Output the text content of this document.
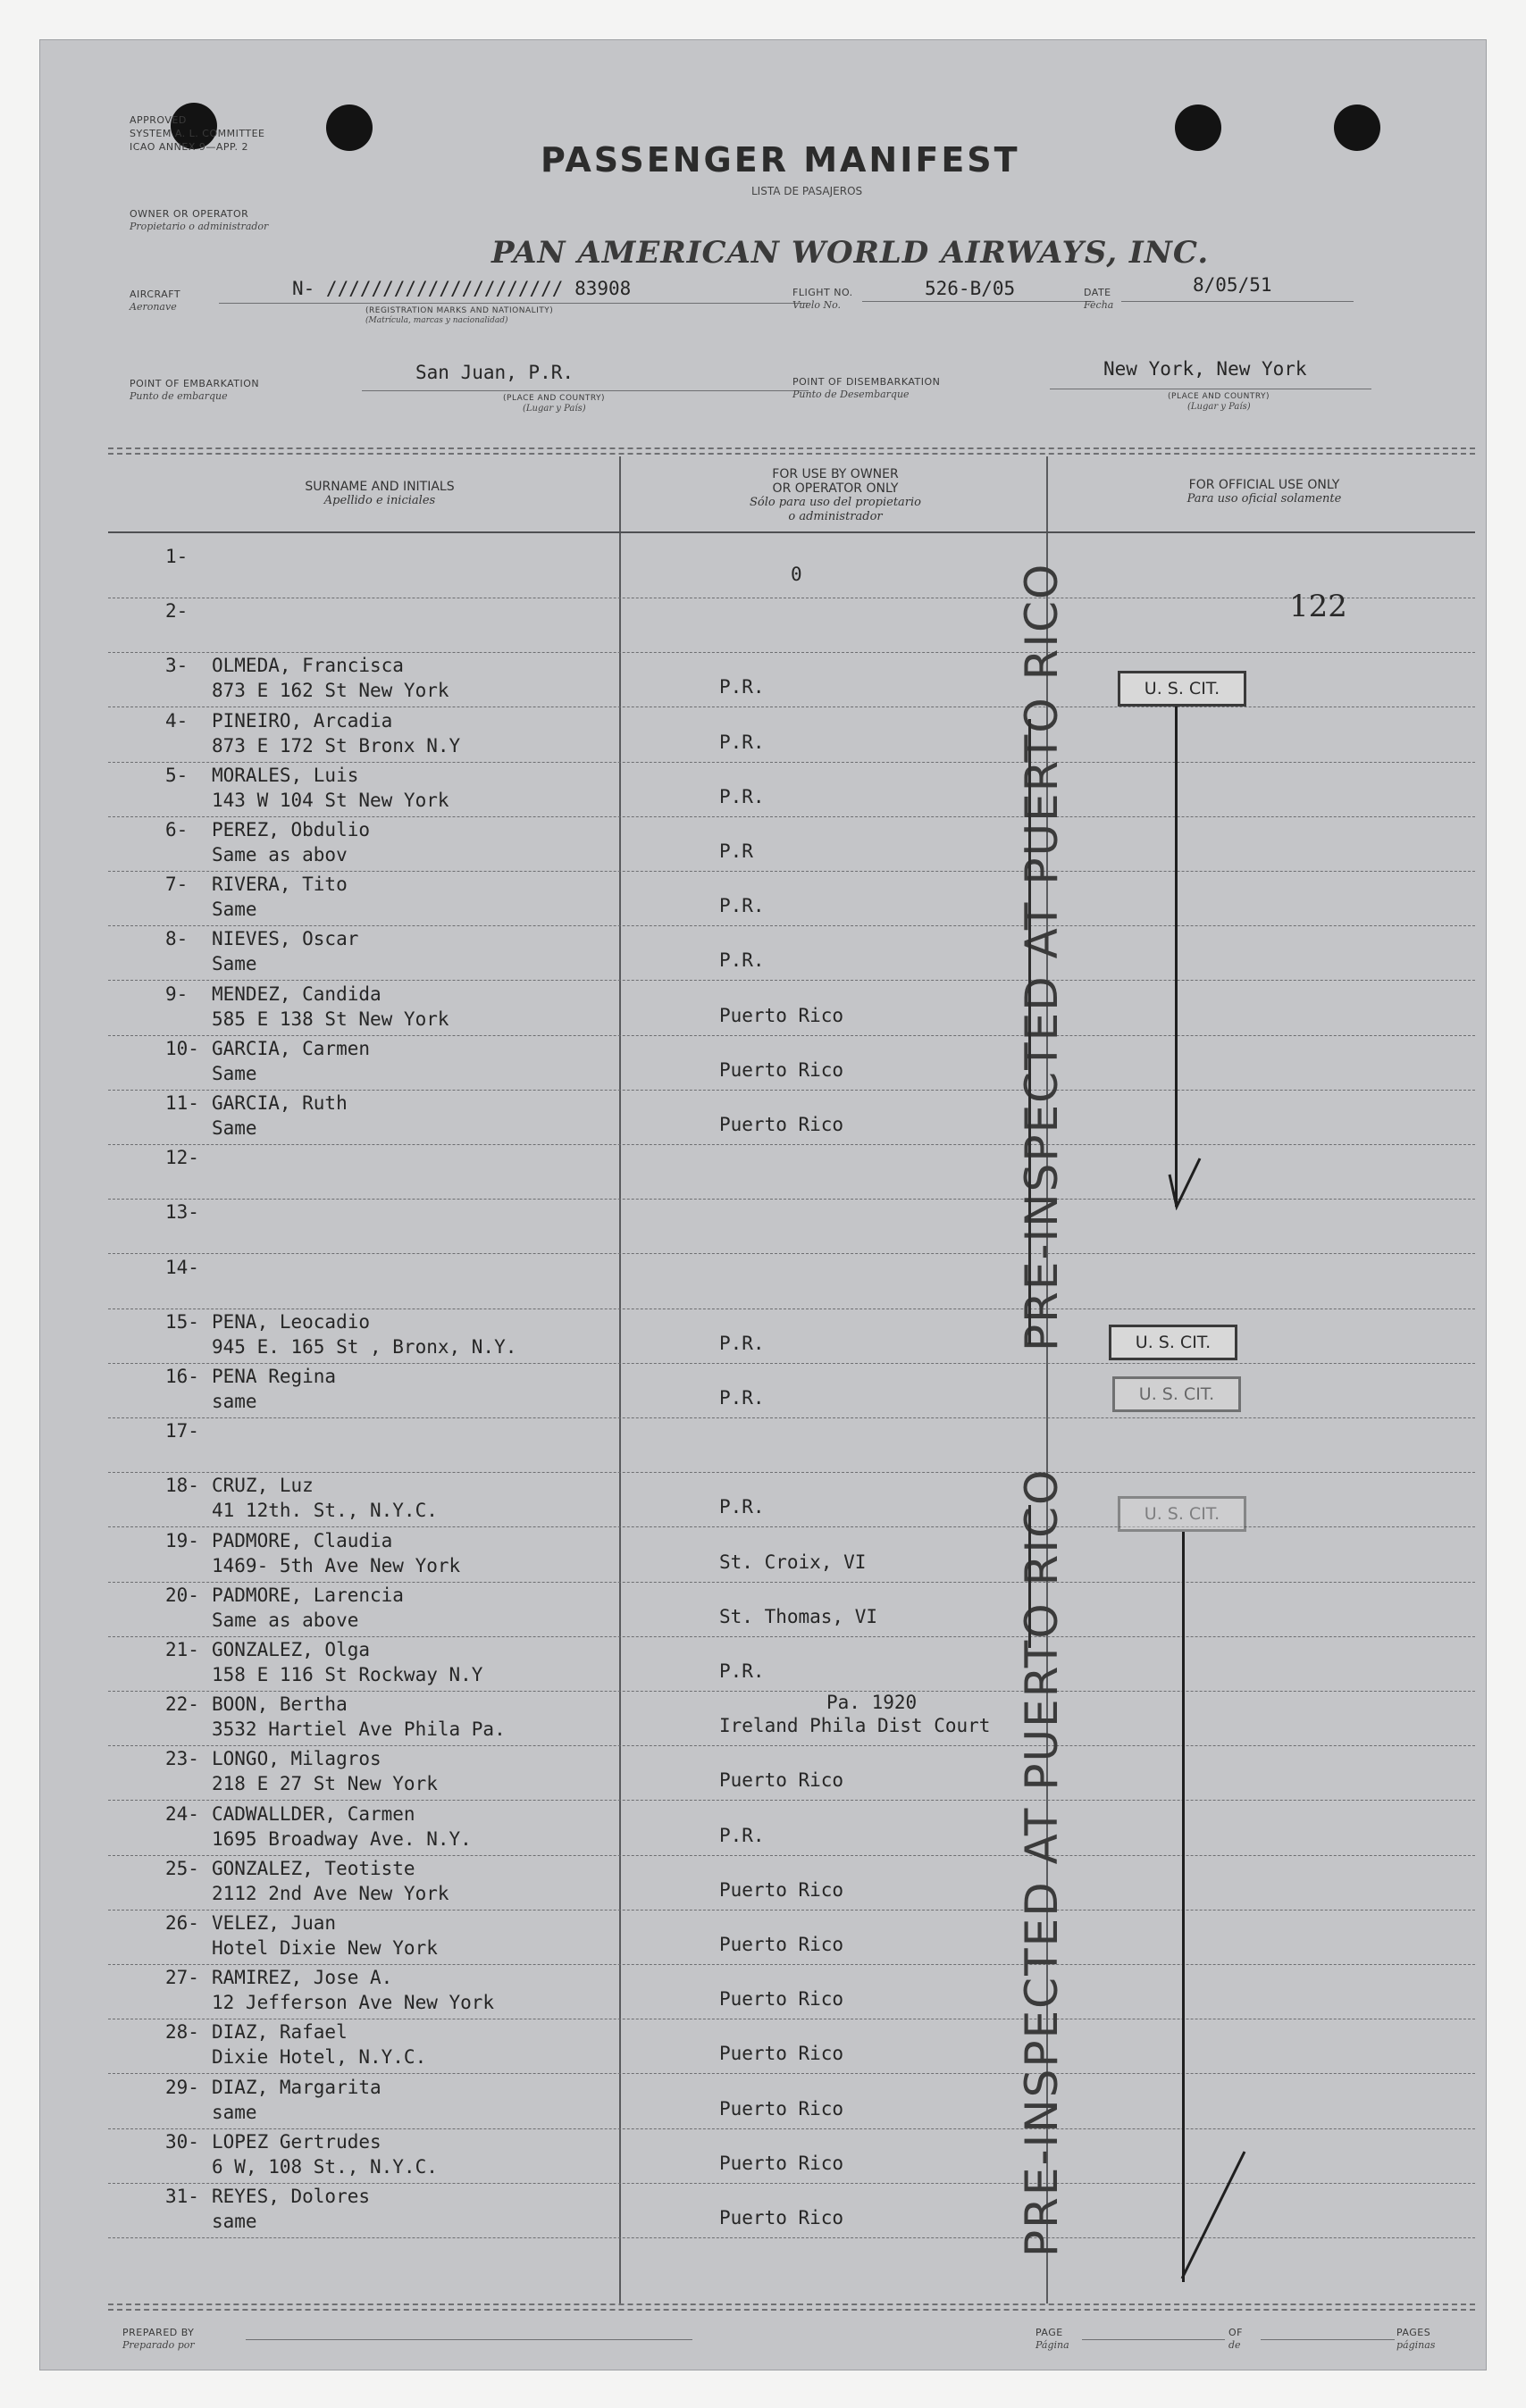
APPROVED
SYSTEM A. L. COMMITTEE
ICAO ANNEX 9—APP. 2	PASSENGER MANIFEST
LISTA DE PASAJEROS
OWNER OR OPERATOR
Propietario o administrador
PAN AMERICAN WORLD AIRWAYS, INC.
AIRCRAFT
Aeronave
N- ///////////////////// 83908
(REGISTRATION MARKS AND NATIONALITY)
(Matrícula, marcas y nacionalidad)
FLIGHT NO.
Vuelo No.
526-B/05	DATE
Fecha
8/05/51
POINT OF EMBARKATION
Punto de embarque
San Juan, P.R.
(PLACE AND COUNTRY)
(Lugar y País)
POINT OF DISEMBARKATION
Punto de Desembarque
New York, New York
(PLACE AND COUNTRY)
(Lugar y País)
SURNAME AND INITIALS
Apellido e iniciales
FOR USE BY OWNER
OR OPERATOR ONLY
Sólo para uso del propietario
o administrador
FOR OFFICIAL USE ONLY
Para uso oficial solamente
1-
2-
3- OLMEDA, Francisca
873 E 162 St New York	P.R.
4- PINEIRO, Arcadia
873 E 172 St Bronx N.Y	P.R.
5- MORALES, Luis
143 W 104 St New York	P.R.
6- PEREZ, Obdulio
Same as abov	P.R
7- RIVERA, Tito
Same	P.R.
8- NIEVES, Oscar
Same	P.R.
9- MENDEZ, Candida
585 E 138 St New York	Puerto Rico
10- GARCIA, Carmen
Same	Puerto Rico
11- GARCIA, Ruth
Same	Puerto Rico
12-
13-
14-
15- PENA, Leocadio
945 E. 165 St , Bronx, N.Y.	P.R.
16- PENA Regina
same	P.R.
17-
18- CRUZ, Luz
41 12th. St., N.Y.C.	P.R.
19- PADMORE, Claudia
1469- 5th Ave New York	St. Croix, VI
20- PADMORE, Larencia
Same as above	St. Thomas, VI
21- GONZALEZ, Olga
158 E 116 St Rockway N.Y	P.R.
22- BOON, Bertha
3532 Hartiel Ave Phila Pa.	Ireland Phila Dist Court
Pa. 1920
23- LONGO, Milagros
218 E 27 St New York	Puerto Rico
24- CADWALLDER, Carmen
1695 Broadway Ave. N.Y.	P.R.
25- GONZALEZ, Teotiste
2112 2nd Ave New York	Puerto Rico
26- VELEZ, Juan
Hotel Dixie New York	Puerto Rico
27- RAMIREZ, Jose A.
12 Jefferson Ave New York	Puerto Rico
28- DIAZ, Rafael
Dixie Hotel, N.Y.C.	Puerto Rico
29- DIAZ, Margarita
same	Puerto Rico
30- LOPEZ Gertrudes
6 W, 108 St., N.Y.C.	Puerto Rico
31- REYES, Dolores
same	Puerto Rico
0
122
PRE-INSPECTED AT PUERTO RICO
PRE-INSPECTED AT PUERTO RICO
U. S. CIT.
U. S. CIT.
U. S. CIT.
U. S. CIT.
PREPARED BY
Preparado por
PAGE
Página
OF
de
PAGES
páginas
